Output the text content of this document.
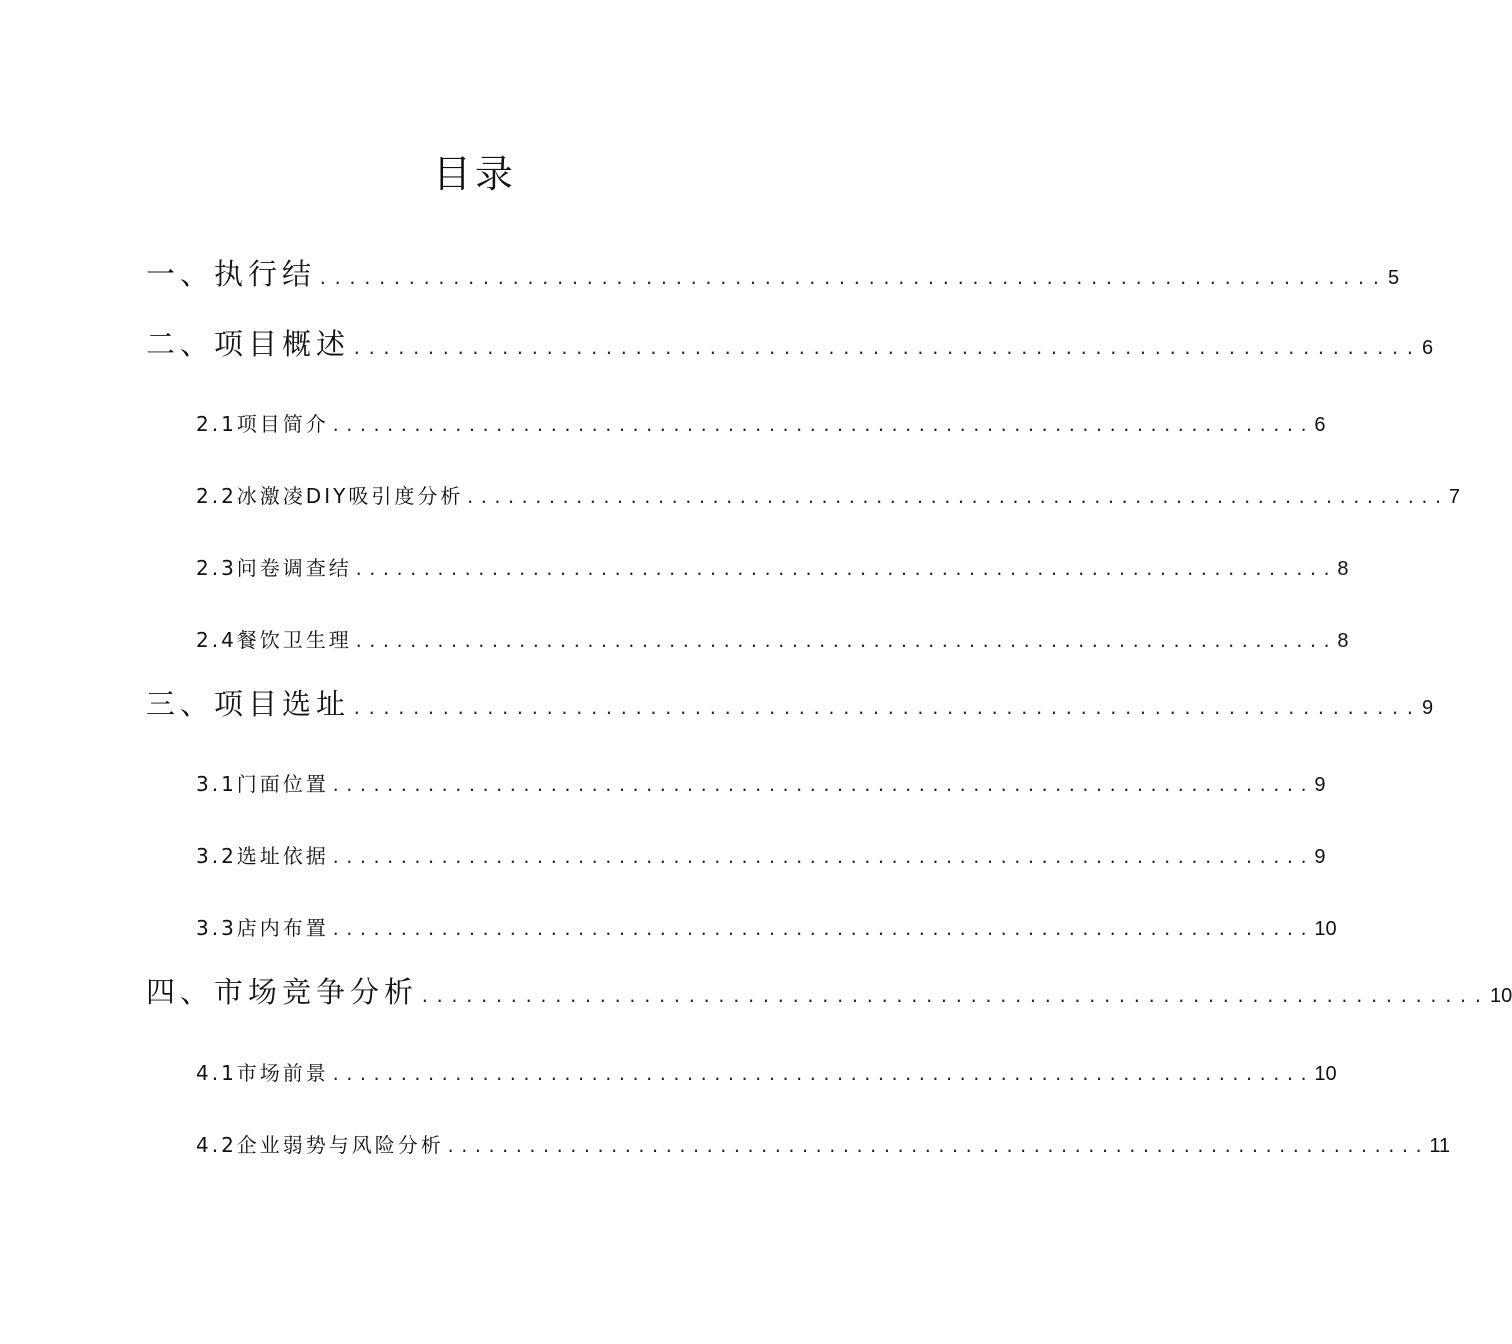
目录
一、执行结 ........................................................................ 5
二、项目概述 ........................................................................ 6
2.1项目简介 ........................................................................ 6
2.2冰激凌DIY吸引度分析 ........................................................................ 7
2.3问卷调查结 ........................................................................ 8
2.4餐饮卫生理 ........................................................................ 8
三、项目选址 ........................................................................ 9
3.1门面位置 ........................................................................ 9
3.2选址依据 ........................................................................ 9
3.3店内布置 ........................................................................ 10
四、市场竞争分析 ........................................................................ 10
4.1市场前景 ........................................................................ 10
4.2企业弱势与风险分析 ........................................................................ 11
